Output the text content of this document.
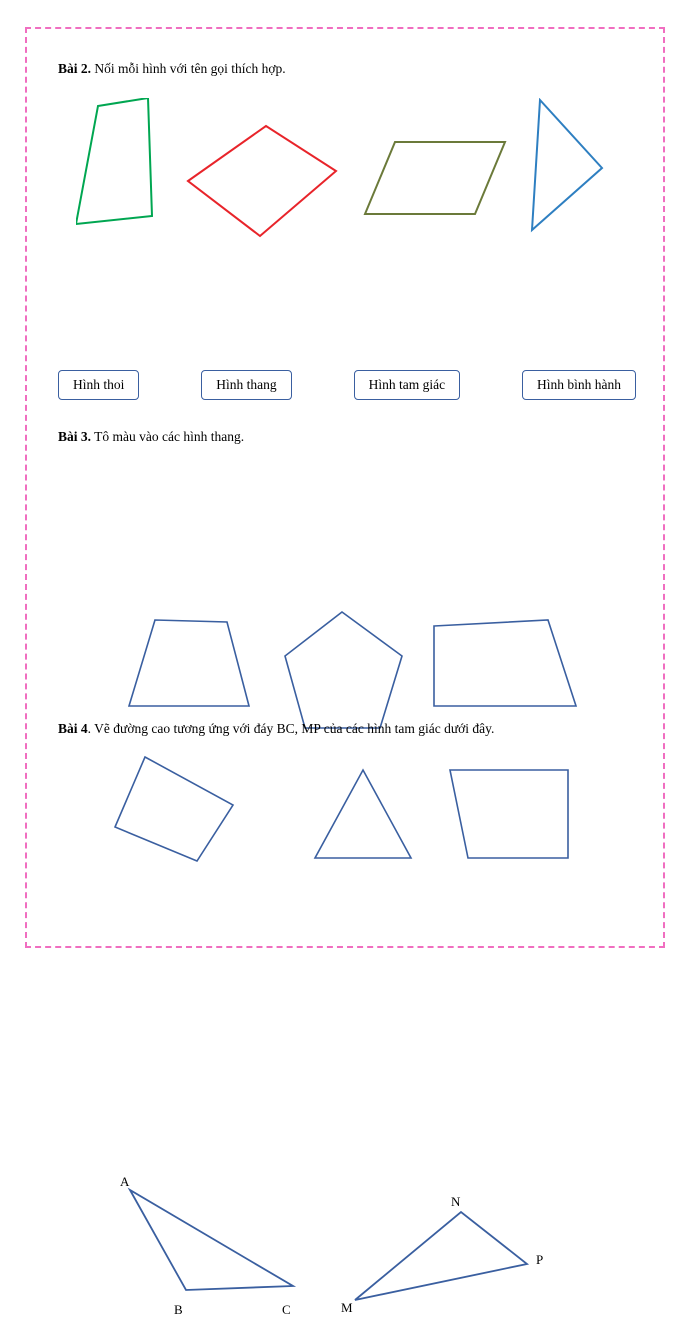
Bài 2. Nối mỗi hình với tên gọi thích hợp.

Hình thoi	Hình thang	Hình tam giác	Hình bình hành

Bài 3. Tô màu vào các hình thang.

Bài 4. Vẽ đường cao tương ứng với đáy BC, MP của các hình tam giác dưới đây.

A
B	C
N
P
M
